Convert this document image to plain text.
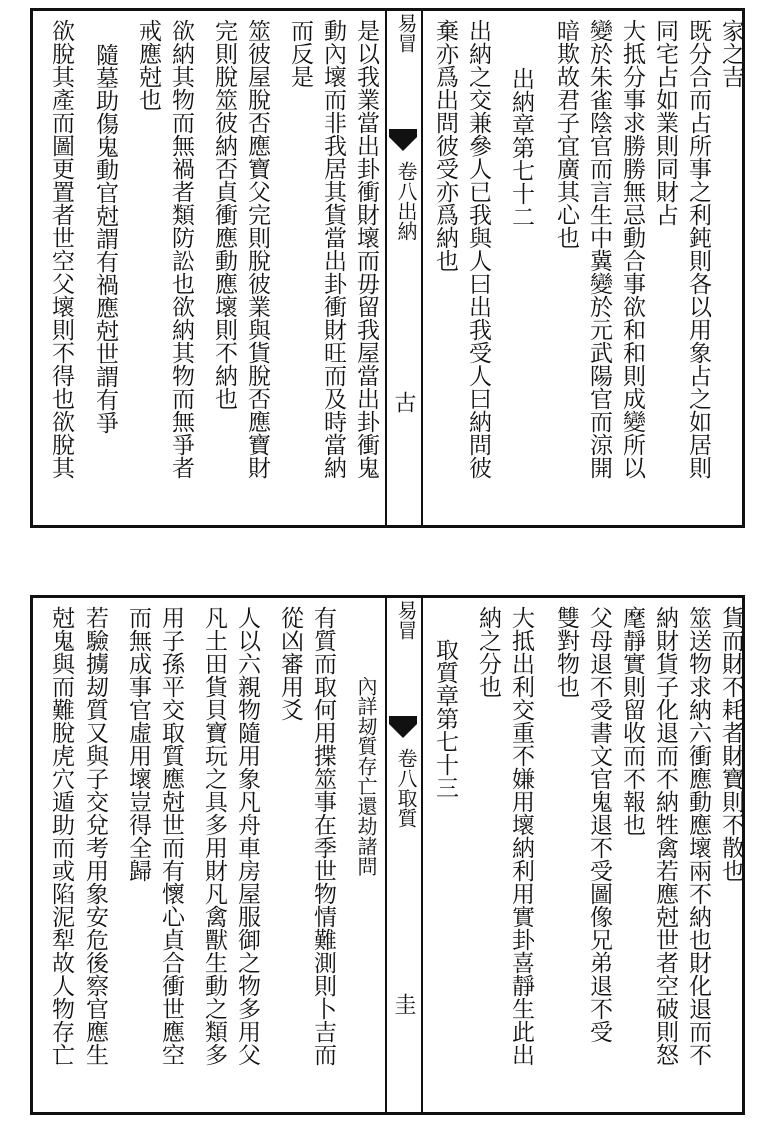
家之吉
既分合而占所事之利鈍則各以用象占之如居則
同宅占如業則同財占
大抵分事求勝勝無忌動合事欲和和則成變所以
變於朱雀陰官而言生中冀變於元武陽官而涼開
暗欺故君子宜廣其心也
出納章第七十二
出納之交兼參人已我與人曰出我受人曰納問彼
棄亦爲出問彼受亦爲納也
易冒
卷八出納
古
是以我業當出卦衝財壞而毋留我屋當出卦衝鬼
動內壞而非我居其貨當出卦衝財旺而及時當納
而反是
筮彼屋脫否應寶父完則脫彼業與貨脫否應寶財
完則脫筮彼納否貞衝應動應壞則不納也
欲納其物而無禍者類防訟也欲納其物而無爭者
戒應尅也
隨墓助傷鬼動官尅謂有禍應尅世謂有爭
欲脫其產而圖更置者世空父壞則不得也欲脫其
貨而財不耗者財寶則不散也
筮送物求納六衝應動應壞兩不納也財化退而不
納財貨子化退而不納牲禽若應尅世者空破則怒
麾靜實則留收而不報也
父母退不受書文官鬼退不受圖像兄弟退不受
雙對物也
大抵出利交重不嫌用壞納利用實卦喜靜生此出
納之分也
取質章第七十三
易冒
卷八取質
圭
內詳刼質存亡還劫諸問
有質而取何用揲筮事在季世物情難測則卜吉而
從凶審用爻
人以六親物隨用象凡舟車房屋服御之物多用父
凡土田貨貝寶玩之具多用財凡禽獸生動之類多
用子孫平交取質應尅世而有懷心貞合衝世應空
而無成事官虛用壞豈得全歸
若驗擄刼質又與子交兌考用象安危後察官應生
尅鬼與而難脫虎穴遁助而或陷泥犁故人物存亡
